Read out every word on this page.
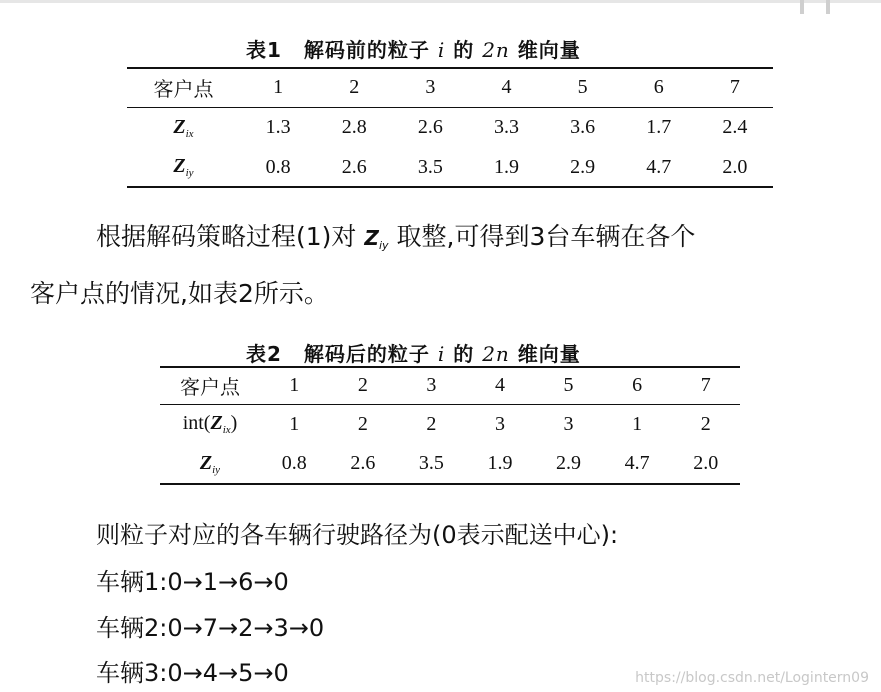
表1 解码前的粒子 i 的 2n 维向量
客户点	1	2	3	4	5	6	7
$Z_{ix}$	1.3	2.8	2.6	3.3	3.6	1.7	2.4
$Z_{iy}$	0.8	2.6	3.5	1.9	2.9	4.7	2.0
根据解码策略过程(1)对 Ziy 取整,可得到3台车辆在各个
客户点的情况,如表2所示。
表2 解码后的粒子 i 的 2n 维向量
客户点	1	2	3	4	5	6	7
$int(Z_{ix})$	1	2	2	3	3	1	2
$Z_{iy}$	0.8	2.6	3.5	1.9	2.9	4.7	2.0
则粒子对应的各车辆行驶路径为(0表示配送中心):
车辆1:0→1→6→0
车辆2:0→7→2→3→0
车辆3:0→4→5→0	https://blog.csdn.net/Logintern09
